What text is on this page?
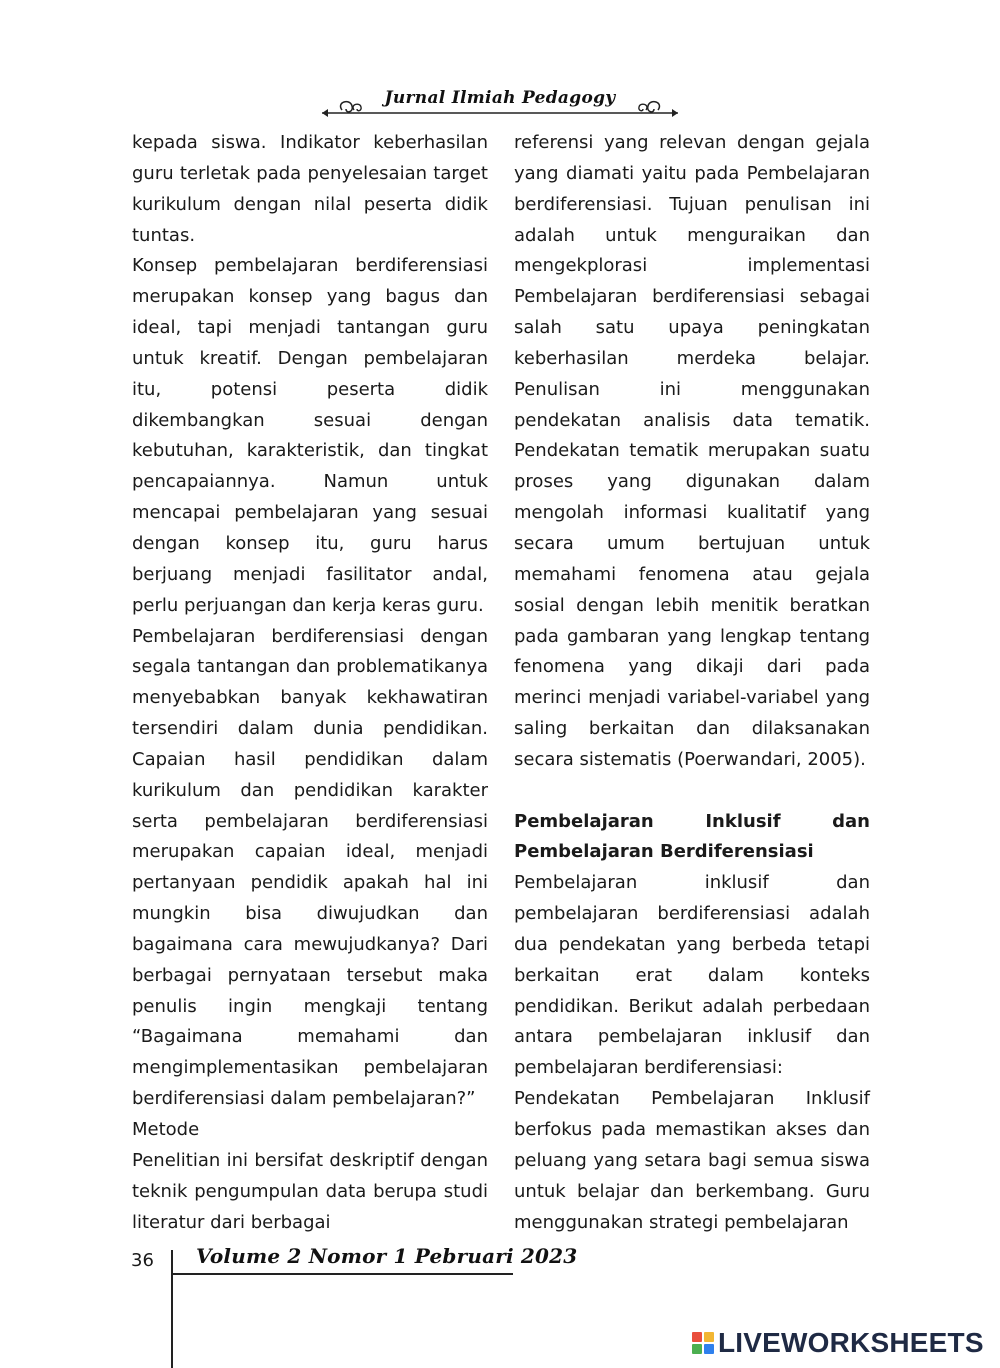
Jurnal Ilmiah Pedagogy

kepada siswa. Indikator keberhasilan guru terletak pada penyelesaian target kurikulum dengan nilal peserta didik tuntas.

Konsep pembelajaran berdiferensiasi merupakan konsep yang bagus dan ideal, tapi menjadi tantangan guru untuk kreatif. Dengan pembelajaran itu, potensi peserta didik dikembangkan sesuai dengan kebutuhan, karakteristik, dan tingkat pencapaiannya. Namun untuk mencapai pembelajaran yang sesuai dengan konsep itu, guru harus berjuang menjadi fasilitator andal, perlu perjuangan dan kerja keras guru.

Pembelajaran berdiferensiasi dengan segala tantangan dan problematikanya menyebabkan banyak kekhawatiran tersendiri dalam dunia pendidikan. Capaian hasil pendidikan dalam kurikulum dan pendidikan karakter serta pembelajaran berdiferensiasi merupakan capaian ideal, menjadi pertanyaan pendidik apakah hal ini mungkin bisa diwujudkan dan bagaimana cara mewujudkanya? Dari berbagai pernyataan tersebut maka penulis ingin mengkaji tentang “Bagaimana memahami dan mengimplementasikan pembelajaran berdiferensiasi dalam pembelajaran?”

Metode

Penelitian ini bersifat deskriptif dengan teknik pengumpulan data berupa studi literatur dari berbagai

referensi yang relevan dengan gejala yang diamati yaitu pada Pembelajaran berdiferensiasi. Tujuan penulisan ini adalah untuk menguraikan dan mengekplorasi implementasi Pembelajaran berdiferensiasi sebagai salah satu upaya peningkatan keberhasilan merdeka belajar. Penulisan ini menggunakan pendekatan analisis data tematik. Pendekatan tematik merupakan suatu proses yang digunakan dalam mengolah informasi kualitatif yang secara umum bertujuan untuk memahami fenomena atau gejala sosial dengan lebih menitik beratkan pada gambaran yang lengkap tentang fenomena yang dikaji dari pada merinci menjadi variabel-variabel yang saling berkaitan dan dilaksanakan secara sistematis (Poerwandari, 2005).

Pembelajaran Inklusif dan Pembelajaran Berdiferensiasi

Pembelajaran inklusif dan pembelajaran berdiferensiasi adalah dua pendekatan yang berbeda tetapi berkaitan erat dalam konteks pendidikan. Berikut adalah perbedaan antara pembelajaran inklusif dan pembelajaran berdiferensiasi:

Pendekatan Pembelajaran Inklusif berfokus pada memastikan akses dan peluang yang setara bagi semua siswa untuk belajar dan berkembang. Guru menggunakan strategi pembelajaran

36 Volume 2 Nomor 1 Pebruari 2023
LIVEWORKSHEETS
